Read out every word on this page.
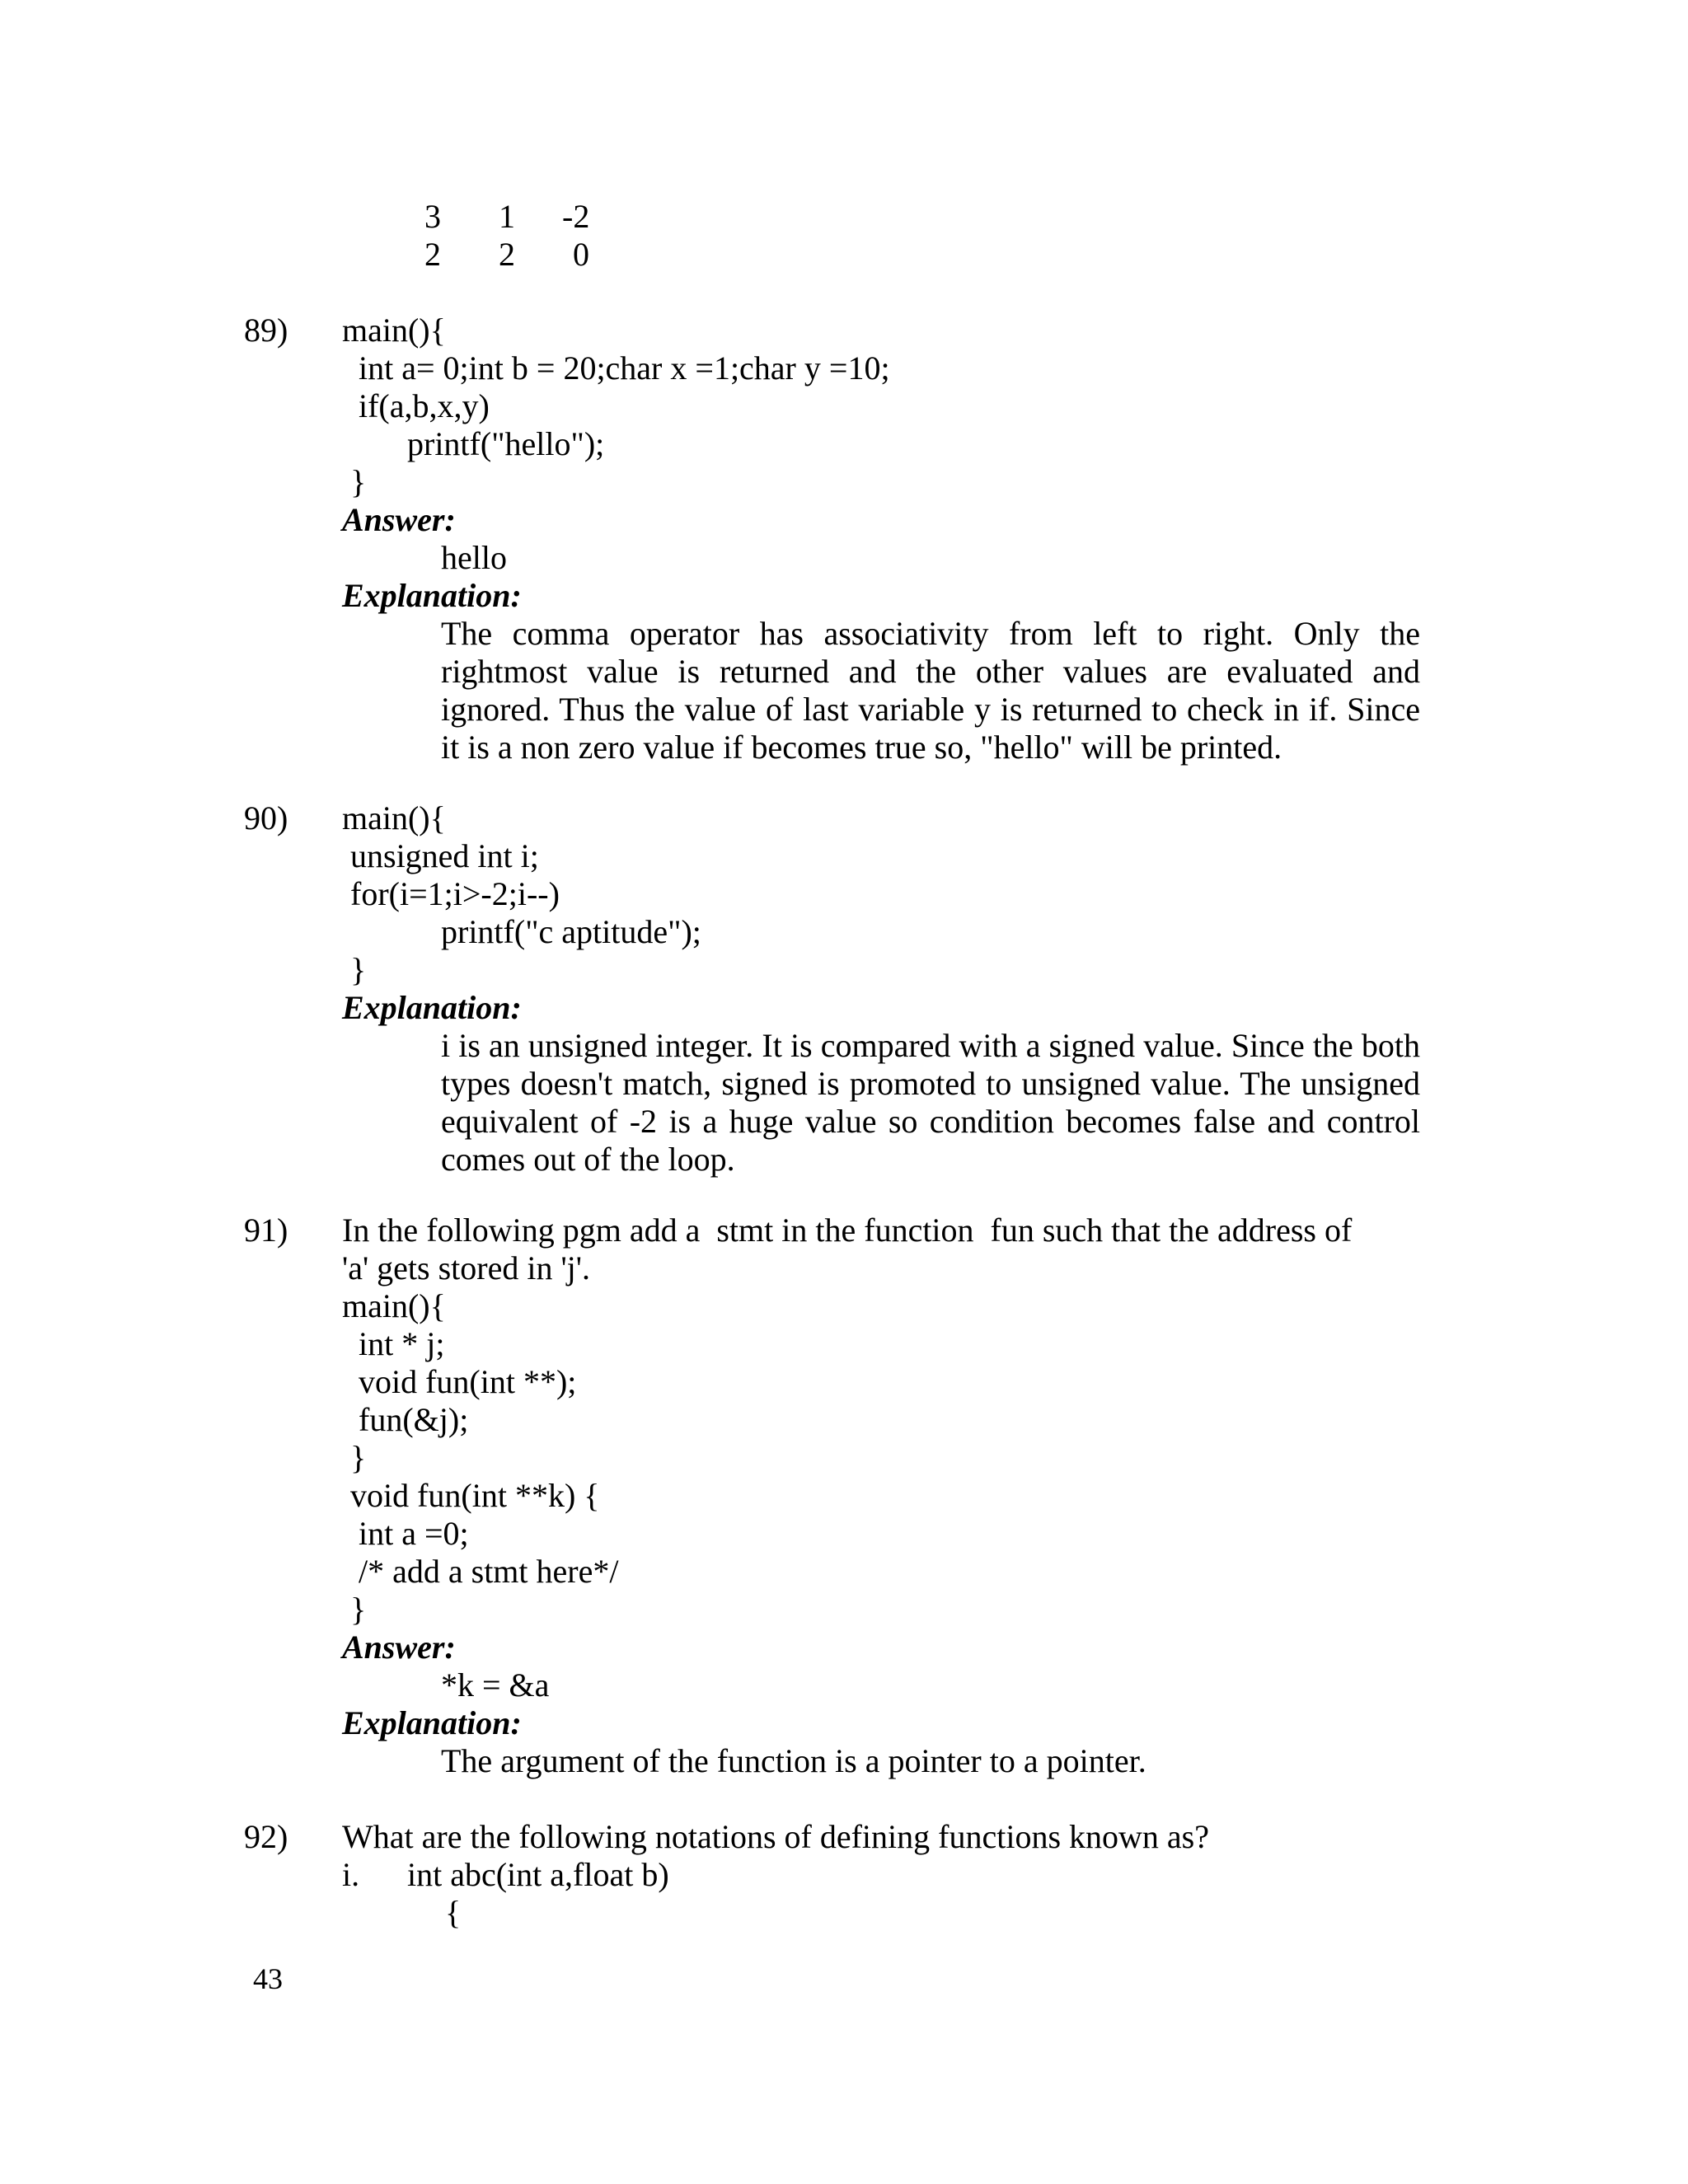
3 1 -2
2 2 0
89) main(){
int a= 0;int b = 20;char x =1;char y =10;
if(a,b,x,y)
printf("hello");
}
Answer:
hello
Explanation:
The comma operator has associativity from left to right. Only the rightmost value is returned and the other values are evaluated and ignored. Thus the value of last variable y is returned to check in if. Since it is a non zero value if becomes true so, "hello" will be printed.
90) main(){
unsigned int i;
for(i=1;i>-2;i--)
printf("c aptitude");
}
Explanation:
i is an unsigned integer. It is compared with a signed value. Since the both types doesn't match, signed is promoted to unsigned value. The unsigned equivalent of -2 is a huge value so condition becomes false and control comes out of the loop.
91) In the following pgm add a  stmt in the function  fun such that the address of
'a' gets stored in 'j'.
main(){
int * j;
void fun(int **);
fun(&j);
}
void fun(int **k) {
int a =0;
/* add a stmt here*/
}
Answer:
*k = &a
Explanation:
The argument of the function is a pointer to a pointer.
92) What are the following notations of defining functions known as?
i. int abc(int a,float b)
{
43
